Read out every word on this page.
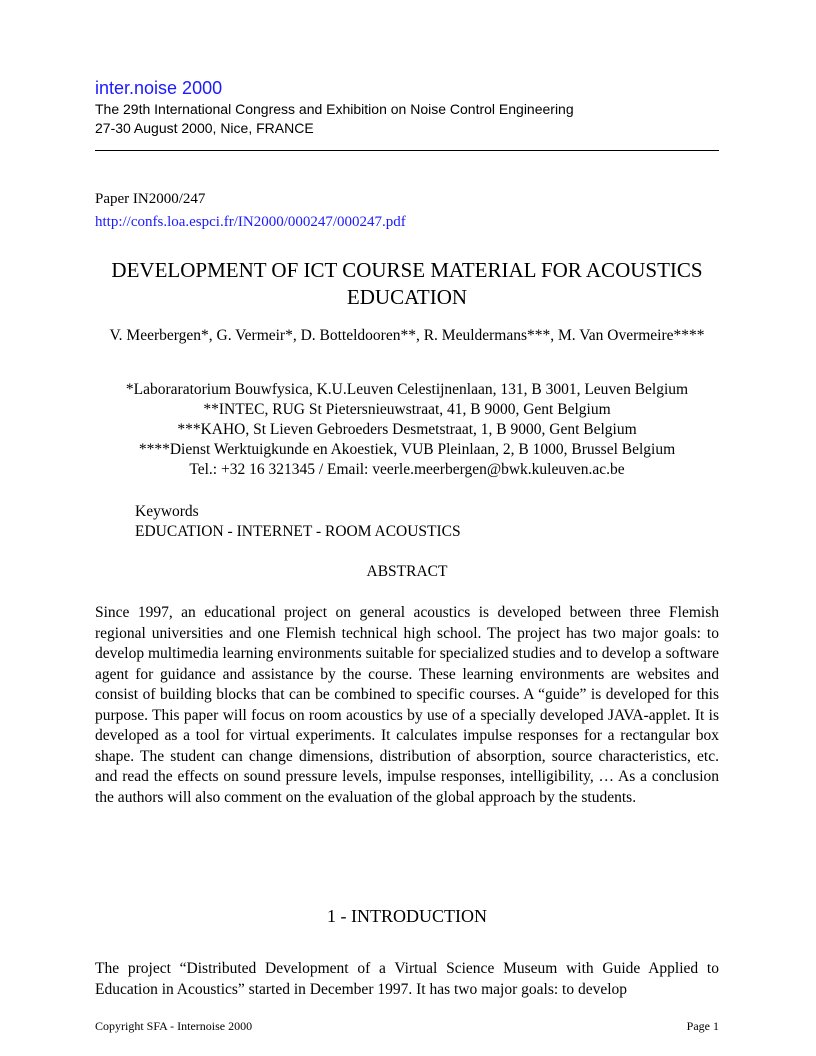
inter.noise 2000
The 29th International Congress and Exhibition on Noise Control Engineering
27-30 August 2000, Nice, FRANCE
Paper IN2000/247
http://confs.loa.espci.fr/IN2000/000247/000247.pdf
DEVELOPMENT OF ICT COURSE MATERIAL FOR ACOUSTICS EDUCATION
V. Meerbergen*, G. Vermeir*, D. Botteldooren**, R. Meuldermans***, M. Van Overmeire****
*Laboraratorium Bouwfysica, K.U.Leuven Celestijnenlaan, 131, B 3001, Leuven Belgium
**INTEC, RUG St Pietersnieuwstraat, 41, B 9000, Gent Belgium
***KAHO, St Lieven Gebroeders Desmetstraat, 1, B 9000, Gent Belgium
****Dienst Werktuigkunde en Akoestiek, VUB Pleinlaan, 2, B 1000, Brussel Belgium
Tel.: +32 16 321345 / Email: veerle.meerbergen@bwk.kuleuven.ac.be
Keywords
EDUCATION - INTERNET - ROOM ACOUSTICS
ABSTRACT

Since 1997, an educational project on general acoustics is developed between three Flemish regional universities and one Flemish technical high school. The project has two major goals: to develop multimedia learning environments suitable for specialized studies and to develop a software agent for guidance and assistance by the course. These learning environments are websites and consist of building blocks that can be combined to specific courses. A “guide” is developed for this purpose. This paper will focus on room acoustics by use of a specially developed JAVA-applet. It is developed as a tool for virtual experiments. It calculates impulse responses for a rectangular box shape. The student can change dimensions, distribution of absorption, source characteristics, etc. and read the effects on sound pressure levels, impulse responses, intelligibility, … As a conclusion the authors will also comment on the evaluation of the global approach by the students.

1 - INTRODUCTION

The project “Distributed Development of a Virtual Science Museum with Guide Applied to Education in Acoustics” started in December 1997. It has two major goals: to develop

Copyright SFA - Internoise 2000	Page 1
